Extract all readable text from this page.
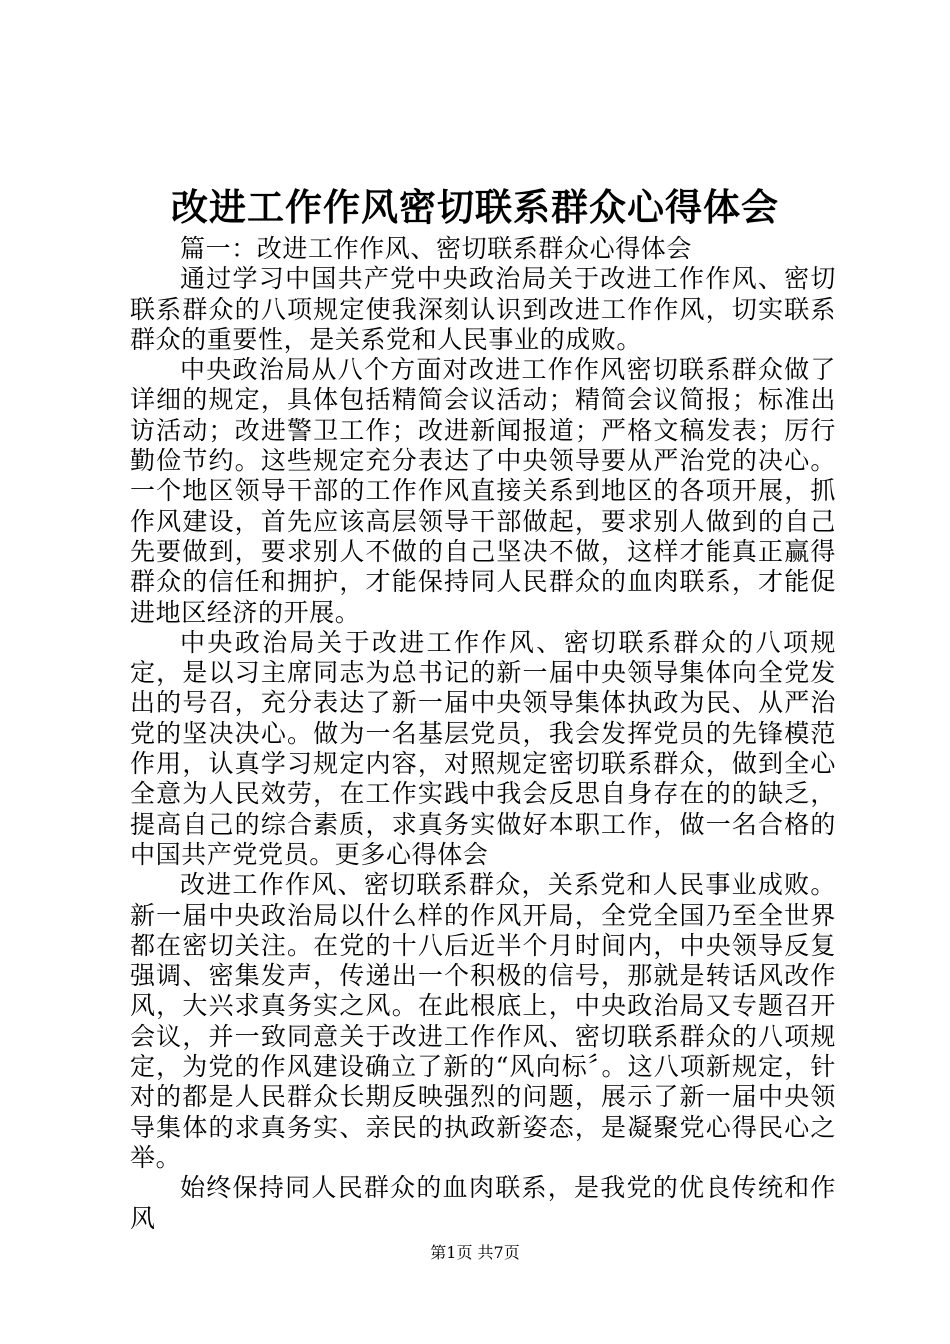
改进工作作风密切联系群众心得体会

篇一：改进工作作风、密切联系群众心得体会

通过学习中国共产党中央政治局关于改进工作作风、密切联系群众的八项规定使我深刻认识到改进工作作风，切实联系群众的重要性，是关系党和人民事业的成败。

中央政治局从八个方面对改进工作作风密切联系群众做了详细的规定，具体包括精简会议活动；精简会议简报；标准出访活动；改进警卫工作；改进新闻报道；严格文稿发表；厉行勤俭节约。这些规定充分表达了中央领导要从严治党的决心。一个地区领导干部的工作作风直接关系到地区的各项开展，抓作风建设，首先应该高层领导干部做起，要求别人做到的自己先要做到，要求别人不做的自己坚决不做，这样才能真正赢得群众的信任和拥护，才能保持同人民群众的血肉联系，才能促进地区经济的开展。

中央政治局关于改进工作作风、密切联系群众的八项规定，是以习主席同志为总书记的新一届中央领导集体向全党发出的号召，充分表达了新一届中央领导集体执政为民、从严治党的坚决决心。做为一名基层党员，我会发挥党员的先锋模范作用，认真学习规定内容，对照规定密切联系群众，做到全心全意为人民效劳，在工作实践中我会反思自身存在的的缺乏，提高自己的综合素质，求真务实做好本职工作，做一名合格的中国共产党党员。更多心得体会

改进工作作风、密切联系群众，关系党和人民事业成败。新一届中央政治局以什么样的作风开局，全党全国乃至全世界都在密切关注。在党的十八后近半个月时间内，中央领导反复强调、密集发声，传递出一个积极的信号，那就是转话风改作风，大兴求真务实之风。在此根底上，中央政治局又专题召开会议，并一致同意关于改进工作作风、密切联系群众的八项规定，为党的作风建设确立了新的“风向标〞。这八项新规定，针对的都是人民群众长期反映强烈的问题，展示了新一届中央领导集体的求真务实、亲民的执政新姿态，是凝聚党心得民心之举。

始终保持同人民群众的血肉联系，是我党的优良传统和作风

第1页 共7页
